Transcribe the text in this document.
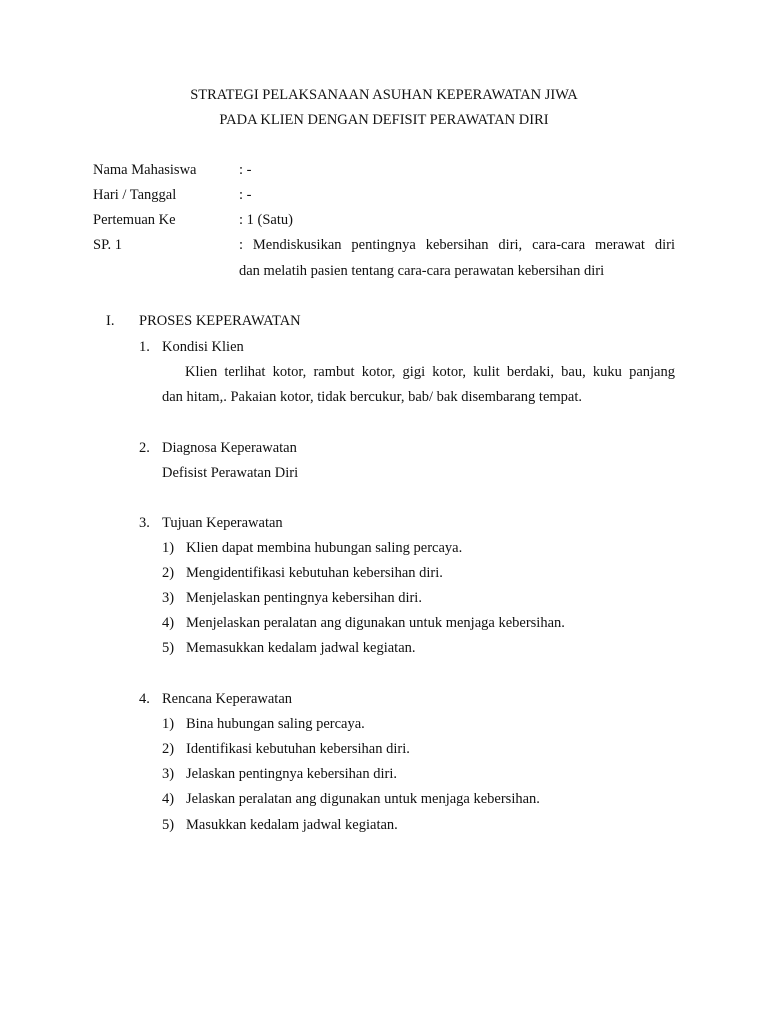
STRATEGI PELAKSANAAN ASUHAN KEPERAWATAN JIWA
PADA KLIEN DENGAN DEFISIT PERAWATAN DIRI
Nama Mahasiswa	: -
Hari / Tanggal	: -
Pertemuan Ke	: 1 (Satu)
SP. 1	: Mendiskusikan pentingnya kebersihan diri, cara-cara merawat diri
dan melatih pasien tentang cara-cara perawatan kebersihan diri
I. PROSES KEPERAWATAN
1. Kondisi Klien
Klien terlihat kotor, rambut kotor, gigi kotor, kulit berdaki, bau, kuku panjang
dan hitam,. Pakaian kotor, tidak bercukur, bab/ bak disembarang tempat.
2. Diagnosa Keperawatan
Defisist Perawatan Diri
3. Tujuan Keperawatan
1) Klien dapat membina hubungan saling percaya.
2) Mengidentifikasi kebutuhan kebersihan diri.
3) Menjelaskan pentingnya kebersihan diri.
4) Menjelaskan peralatan ang digunakan untuk menjaga kebersihan.
5) Memasukkan kedalam jadwal kegiatan.
4. Rencana Keperawatan
1) Bina hubungan saling percaya.
2) Identifikasi kebutuhan kebersihan diri.
3) Jelaskan pentingnya kebersihan diri.
4) Jelaskan peralatan ang digunakan untuk menjaga kebersihan.
5) Masukkan kedalam jadwal kegiatan.
